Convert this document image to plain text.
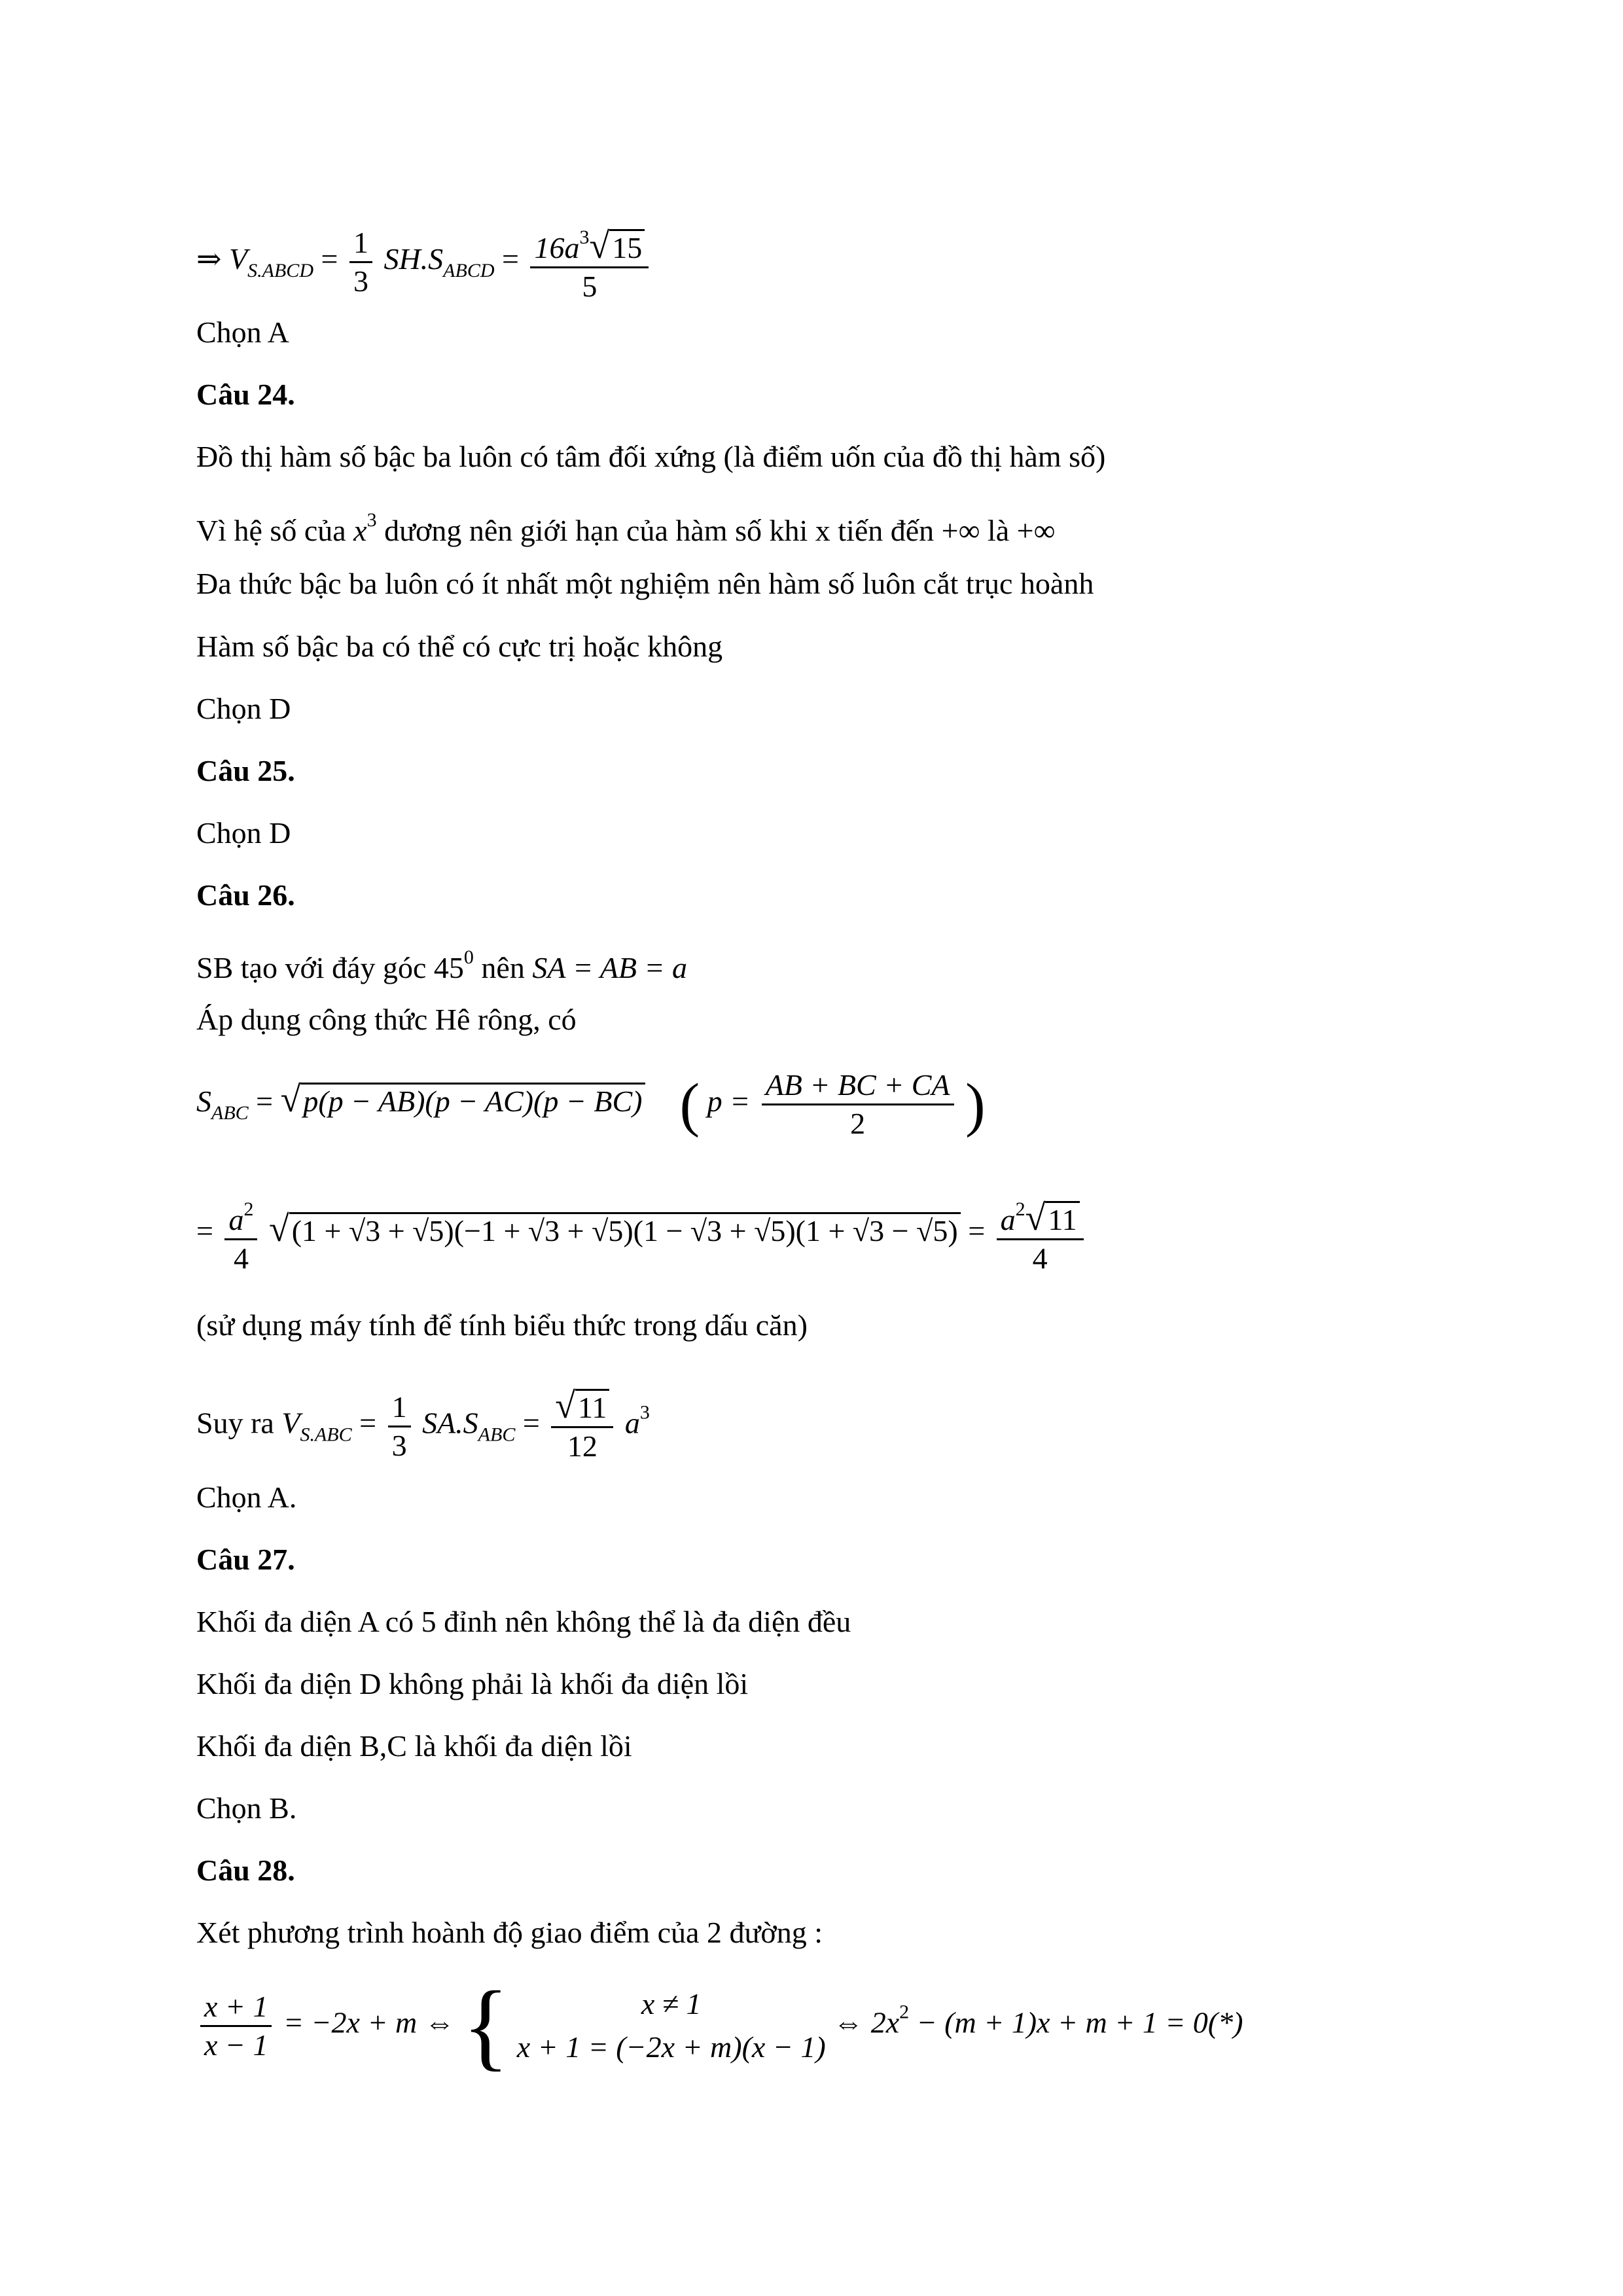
⇒ $V_{S.ABCD} = \frac{1}{3} SH.S_{ABCD} = \frac{16a^3√15}{5}$
Chọn A
Câu 24.
Đồ thị hàm số bậc ba luôn có tâm đối xứng (là điểm uốn của đồ thị hàm số)
Vì hệ số của $x^3$ dương nên giới hạn của hàm số khi x tiến đến +∞ là +∞
Đa thức bậc ba luôn có ít nhất một nghiệm nên hàm số luôn cắt trục hoành
Hàm số bậc ba có thể có cực trị hoặc không
Chọn D
Câu 25.
Chọn D
Câu 26.
SB tạo với đáy góc $45^0$ nên SA = AB = a
Áp dụng công thức Hê rông, có
$S_{ABC} = √p(p - AB)(p - AC)(p - BC)$ ( $p = \frac{AB + BC + CA}{2}$ )
= $\frac{a^2}{4} √(1 + √3 + √5)(-1 + √3 + √5)(1 - √3 + √5)(1 + √3 - √5) = \frac{a^2√11}{4}$
(sử dụng máy tính để tính biểu thức trong dấu căn)
Suy ra $V_{S.ABC} = \frac{1}{3} SA.S_{ABC} = \frac{√11}{12} a^3$
Chọn A.
Câu 27.
Khối đa diện A có 5 đỉnh nên không thể là đa diện đều
Khối đa diện D không phải là khối đa diện lồi
Khối đa diện B,C là khối đa diện lồi
Chọn B.
Câu 28.
Xét phương trình hoành độ giao điểm của 2 đường :
$\frac{x + 1}{x - 1} = -2x + m$ ⇔ {	x ≠ 1
x + 1 = (−2x + m)(x − 1)
⇔ $2x^2 - (m + 1)x + m + 1 = 0(*)$
